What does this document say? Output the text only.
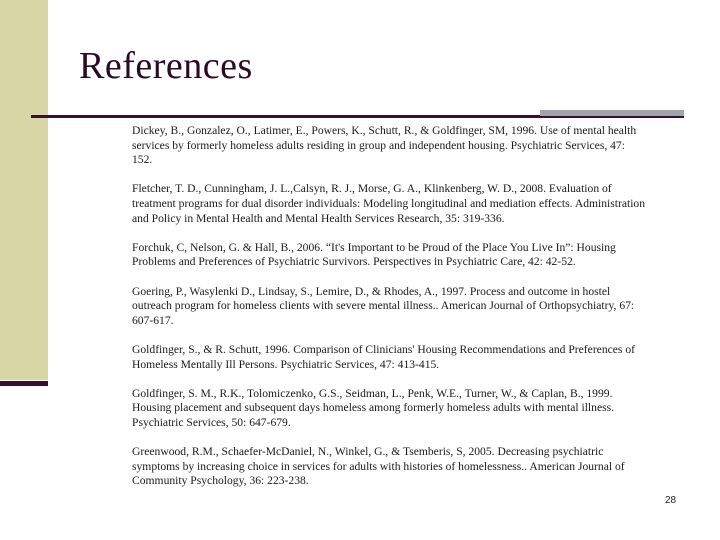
References

Dickey, B., Gonzalez, O., Latimer, E., Powers, K., Schutt, R., & Goldfinger, SM, 1996. Use of mental health
services by formerly homeless adults residing in group and independent housing. Psychiatric Services, 47:
152.

Fletcher, T. D., Cunningham, J. L.,Calsyn, R. J., Morse, G. A., Klinkenberg, W. D., 2008. Evaluation of
treatment programs for dual disorder individuals: Modeling longitudinal and mediation effects. Administration
and Policy in Mental Health and Mental Health Services Research, 35: 319-336.

Forchuk, C, Nelson, G. & Hall, B., 2006. “It's Important to be Proud of the Place You Live In”: Housing
Problems and Preferences of Psychiatric Survivors. Perspectives in Psychiatric Care, 42: 42-52.

Goering, P., Wasylenki D., Lindsay, S., Lemire, D., & Rhodes, A., 1997. Process and outcome in hostel
outreach program for homeless clients with severe mental illness.. American Journal of Orthopsychiatry, 67:
607-617.

Goldfinger, S., & R. Schutt, 1996. Comparison of Clinicians' Housing Recommendations and Preferences of
Homeless Mentally Ill Persons. Psychiatric Services, 47: 413-415.

Goldfinger, S. M., R.K., Tolomiczenko, G.S., Seidman, L., Penk, W.E., Turner, W., & Caplan, B., 1999.
Housing placement and subsequent days homeless among formerly homeless adults with mental illness.
Psychiatric Services, 50: 647-679.

Greenwood, R.M., Schaefer-McDaniel, N., Winkel, G., & Tsemberis, S, 2005. Decreasing psychiatric
symptoms by increasing choice in services for adults with histories of homelessness.. American Journal of
Community Psychology, 36: 223-238.

28
